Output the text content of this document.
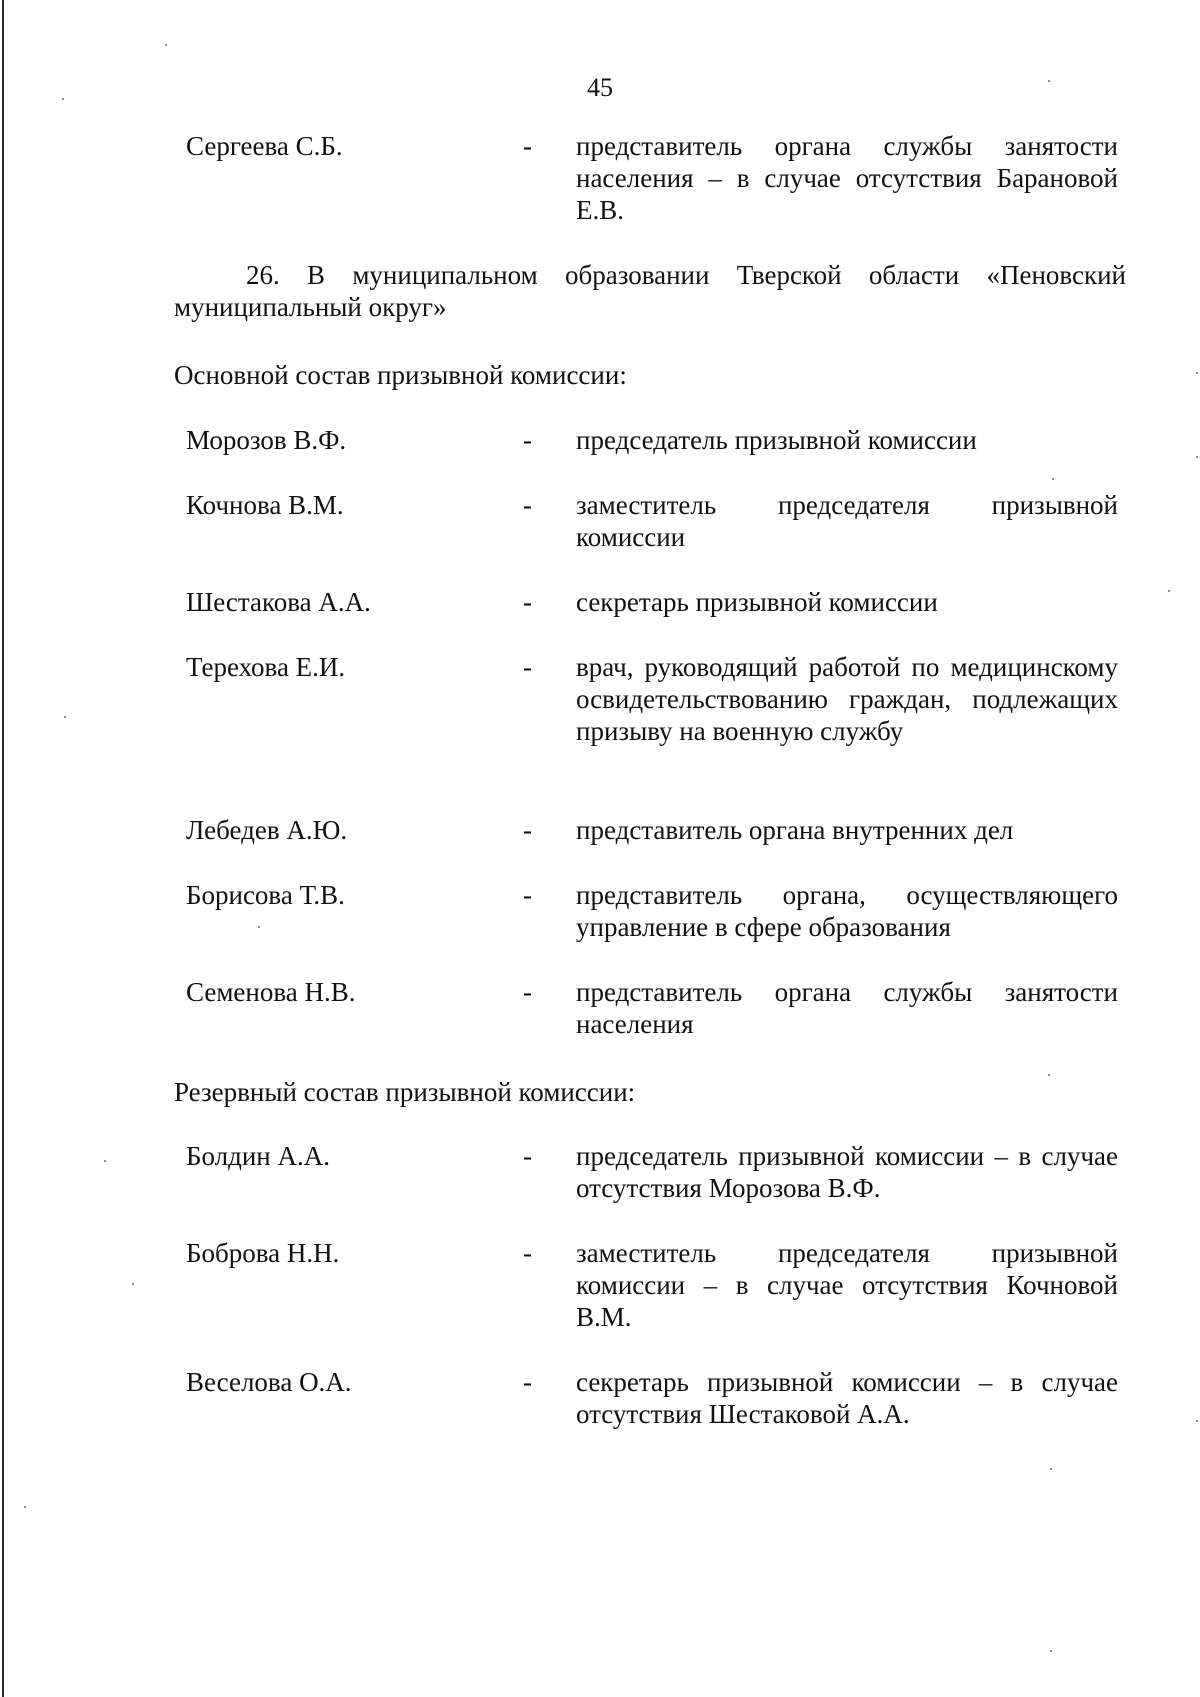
45
Сергеева С.Б.	- представитель органа службы занятости населения – в случае отсутствия Барановой Е.В.
26. В муниципальном образовании Тверской области «Пеновский муниципальный округ»
Основной состав призывной комиссии:
Морозов В.Ф.	- председатель призывной комиссии
Кочнова В.М.	- заместитель председателя призывной комиссии
Шестакова А.А.	- секретарь призывной комиссии
Терехова Е.И.	- врач, руководящий работой по медицинскому освидетельствованию граждан, подлежащих призыву на военную службу
Лебедев А.Ю.	- представитель органа внутренних дел
Борисова Т.В.	- представитель органа, осуществляющего управление в сфере образования
Семенова Н.В.	- представитель органа службы занятости населения
Резервный состав призывной комиссии:
Болдин А.А.	- председатель призывной комиссии – в случае отсутствия Морозова В.Ф.
Боброва Н.Н.	- заместитель председателя призывной комиссии – в случае отсутствия Кочновой В.М.
Веселова О.А.	- секретарь призывной комиссии – в случае отсутствия Шестаковой А.А.
